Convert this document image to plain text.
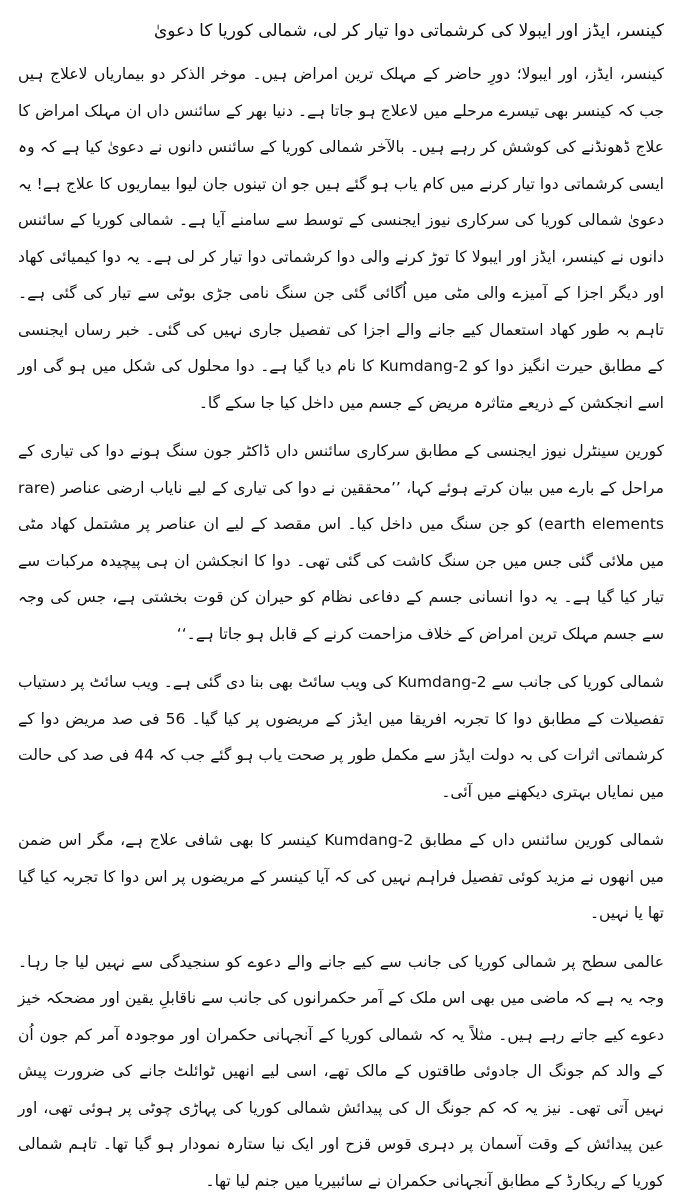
کینسر، ایڈز اور ایبولا کی کرشماتی دوا تیار کر لی، شمالی کوریا کا دعویٰ

کینسر، ایڈز، اور ایبولا؛ دورِ حاضر کے مہلک ترین امراض ہیں۔ موخر الذکر دو بیماریاں لاعلاج ہیں جب کہ کینسر بھی تیسرے مرحلے میں لاعلاج ہو جاتا ہے۔ دنیا بھر کے سائنس داں ان مہلک امراض کا علاج ڈھونڈنے کی کوشش کر رہے ہیں۔ بالآخر شمالی کوریا کے سائنس دانوں نے دعویٰ کیا ہے کہ وہ ایسی کرشماتی دوا تیار کرنے میں کام یاب ہو گئے ہیں جو ان تینوں جان لیوا بیماریوں کا علاج ہے! یہ دعویٰ شمالی کوریا کی سرکاری نیوز ایجنسی کے توسط سے سامنے آیا ہے۔ شمالی کوریا کے سائنس دانوں نے کینسر، ایڈز اور ایبولا کا توڑ کرنے والی دوا کرشماتی دوا تیار کر لی ہے۔ یہ دوا کیمیائی کھاد اور دیگر اجزا کے آمیزے والی مٹی میں اُگائی گئی جن سنگ نامی جڑی بوٹی سے تیار کی گئی ہے۔ تاہم بہ طور کھاد استعمال کیے جانے والے اجزا کی تفصیل جاری نہیں کی گئی۔ خبر رساں ایجنسی کے مطابق حیرت انگیز دوا کو Kumdang-2 کا نام دیا گیا ہے۔ دوا محلول کی شکل میں ہو گی اور اسے انجکشن کے ذریعے متاثرہ مریض کے جسم میں داخل کیا جا سکے گا۔

کورین سینٹرل نیوز ایجنسی کے مطابق سرکاری سائنس داں ڈاکٹر جون سنگ ہونے دوا کی تیاری کے مراحل کے بارے میں بیان کرتے ہوئے کہا، ’’محققین نے دوا کی تیاری کے لیے نایاب ارضی عناصر (rare earth elements) کو جن سنگ میں داخل کیا۔ اس مقصد کے لیے ان عناصر پر مشتمل کھاد مٹی میں ملائی گئی جس میں جن سنگ کاشت کی گئی تھی۔ دوا کا انجکشن ان ہی پیچیدہ مرکبات سے تیار کیا گیا ہے۔ یہ دوا انسانی جسم کے دفاعی نظام کو حیران کن قوت بخشتی ہے، جس کی وجہ سے جسم مہلک ترین امراض کے خلاف مزاحمت کرنے کے قابل ہو جاتا ہے۔‘‘

شمالی کوریا کی جانب سے Kumdang-2 کی ویب سائٹ بھی بنا دی گئی ہے۔ ویب سائٹ پر دستیاب تفصیلات کے مطابق دوا کا تجربہ افریقا میں ایڈز کے مریضوں پر کیا گیا۔ 56 فی صد مریض دوا کے کرشماتی اثرات کی بہ دولت ایڈز سے مکمل طور پر صحت یاب ہو گئے جب کہ 44 فی صد کی حالت میں نمایاں بہتری دیکھنے میں آئی۔

شمالی کورین سائنس داں کے مطابق Kumdang-2 کینسر کا بھی شافی علاج ہے، مگر اس ضمن میں انھوں نے مزید کوئی تفصیل فراہم نہیں کی کہ آیا کینسر کے مریضوں پر اس دوا کا تجربہ کیا گیا تھا یا نہیں۔

عالمی سطح پر شمالی کوریا کی جانب سے کیے جانے والے دعوے کو سنجیدگی سے نہیں لیا جا رہا۔ وجہ یہ ہے کہ ماضی میں بھی اس ملک کے آمر حکمرانوں کی جانب سے ناقابلِ یقین اور مضحکہ خیز دعوے کیے جاتے رہے ہیں۔ مثلاً یہ کہ شمالی کوریا کے آنجہانی حکمران اور موجودہ آمر کم جون اُن کے والد کم جونگ ال جادوئی طاقتوں کے مالک تھے، اسی لیے انھیں ٹوائلٹ جانے کی ضرورت پیش نہیں آتی تھی۔ نیز یہ کہ کم جونگ ال کی پیدائش شمالی کوریا کی پہاڑی چوٹی پر ہوئی تھی، اور عین پیدائش کے وقت آسمان پر دہری قوس قزح اور ایک نیا ستارہ نمودار ہو گیا تھا۔ تاہم شمالی کوریا کے ریکارڈ کے مطابق آنجہانی حکمران نے سائبیریا میں جنم لیا تھا۔
